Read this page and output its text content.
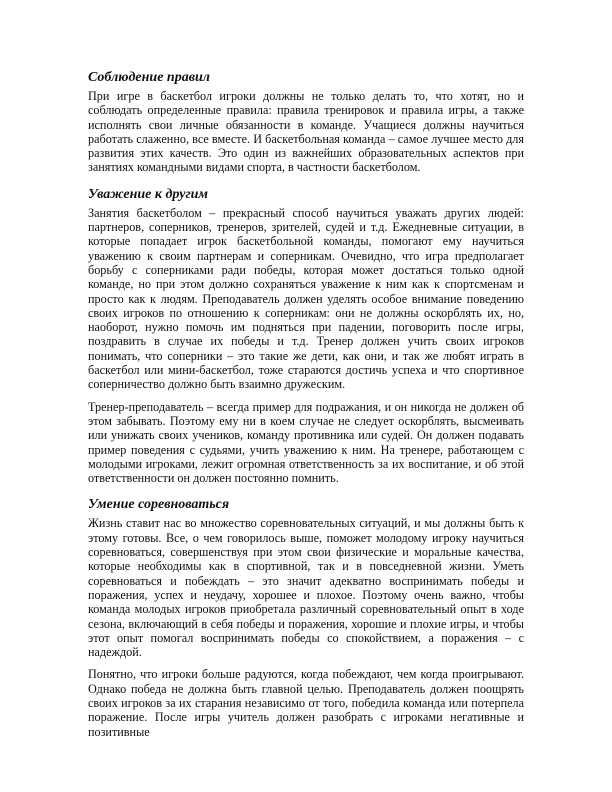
Соблюдение правил

При игре в баскетбол игроки должны не только делать то, что хотят, но и соблюдать определенные правила: правила тренировок и правила игры, а также исполнять свои личные обязанности в команде. Учащиеся должны научиться работать слаженно, все вместе. И баскетбольная команда – самое лучшее место для развития этих качеств. Это один из важнейших образовательных аспектов при занятиях командными видами спорта, в частности баскетболом.

Уважение к другим

Занятия баскетболом – прекрасный способ научиться уважать других людей: партнеров, соперников, тренеров, зрителей, судей и т.д. Ежедневные ситуации, в которые попадает игрок баскетбольной команды, помогают ему научиться уважению к своим партнерам и соперникам. Очевидно, что игра предполагает борьбу с соперниками ради победы, которая может достаться только одной команде, но при этом должно сохраняться уважение к ним как к спортсменам и просто как к людям. Преподаватель должен уделять особое внимание поведению своих игроков по отношению к соперникам: они не должны оскорблять их, но, наоборот, нужно помочь им подняться при падении, поговорить после игры, поздравить в случае их победы и т.д. Тренер должен учить своих игроков понимать, что соперники – это такие же дети, как они, и так же любят играть в баскетбол или мини-баскетбол, тоже стараются достичь успеха и что спортивное соперничество должно быть взаимно дружеским.

Тренер-преподаватель – всегда пример для подражания, и он никогда не должен об этом забывать. Поэтому ему ни в коем случае не следует оскорблять, высмеивать или унижать своих учеников, команду противника или судей. Он должен подавать пример поведения с судьями, учить уважению к ним. На тренере, работающем с молодыми игроками, лежит огромная ответственность за их воспитание, и об этой ответственности он должен постоянно помнить.

Умение соревноваться

Жизнь ставит нас во множество соревновательных ситуаций, и мы должны быть к этому готовы. Все, о чем говорилось выше, поможет молодому игроку научиться соревноваться, совершенствуя при этом свои физические и моральные качества, которые необходимы как в спортивной, так и в повседневной жизни. Уметь соревноваться и побеждать – это значит адекватно воспринимать победы и поражения, успех и неудачу, хорошее и плохое. Поэтому очень важно, чтобы команда молодых игроков приобретала различный соревновательный опыт в ходе сезона, включающий в себя победы и поражения, хорошие и плохие игры, и чтобы этот опыт помогал воспринимать победы со спокойствием, а поражения – с надеждой.

Понятно, что игроки больше радуются, когда побеждают, чем когда проигрывают. Однако победа не должна быть главной целью. Преподаватель должен поощрять своих игроков за их старания независимо от того, победила команда или потерпела поражение. После игры учитель должен разобрать с игроками негативные и позитивные
